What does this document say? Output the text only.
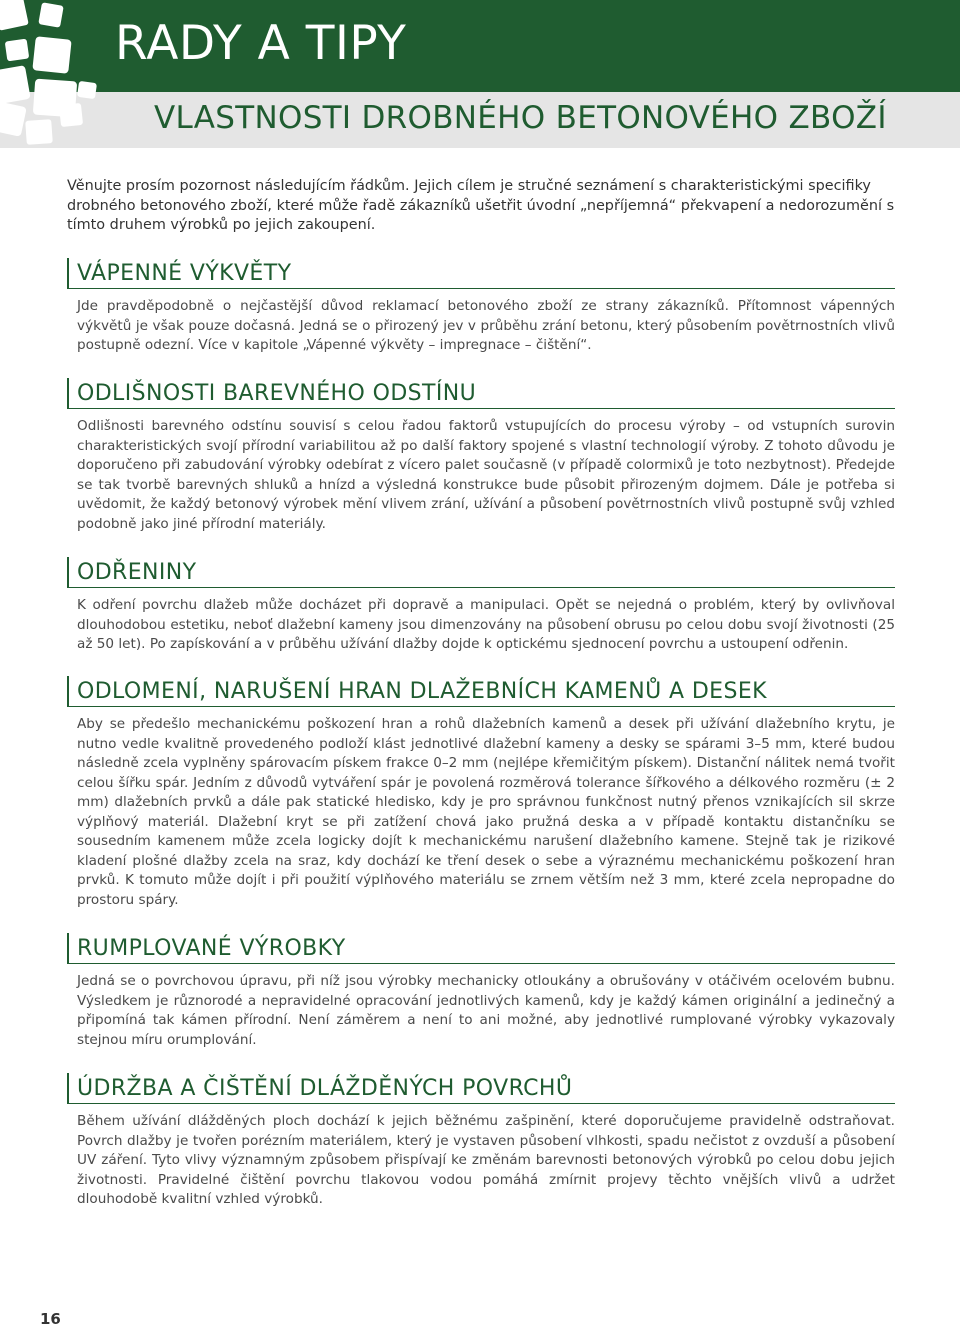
RADY A TIPY
VLASTNOSTI DROBNÉHO BETONOVÉHO ZBOŽÍ

Věnujte prosím pozornost následujícím řádkům. Jejich cílem je stručné seznámení s charakteristickými specifiky drobného betonového zboží, které může řadě zákazníků ušetřit úvodní „nepříjemná“ překvapení a nedorozumění s tímto druhem výrobků po jejich zakoupení.

VÁPENNÉ VÝKVĚTY

Jde pravděpodobně o nejčastější důvod reklamací betonového zboží ze strany zákazníků. Přítomnost vápenných výkvětů je však pouze dočasná. Jedná se o přirozený jev v průběhu zrání betonu, který působením povětrnostních vlivů postupně odezní. Více v kapitole „Vápenné výkvěty – impregnace – čištění“.

ODLIŠNOSTI BAREVNÉHO ODSTÍNU

Odlišnosti barevného odstínu souvisí s celou řadou faktorů vstupujících do procesu výroby – od vstupních surovin charakteristických svojí přírodní variabilitou až po další faktory spojené s vlastní technologií výroby. Z tohoto důvodu je doporučeno při zabudování výrobky odebírat z vícero palet současně (v případě colormixů je toto nezbytnost). Předejde se tak tvorbě barevných shluků a hnízd a výsledná konstrukce bude působit přirozeným dojmem. Dále je potřeba si uvědomit, že každý betonový výrobek mění vlivem zrání, užívání a působení povětrnostních vlivů postupně svůj vzhled podobně jako jiné přírodní materiály.

ODŘENINY

K odření povrchu dlažeb může docházet při dopravě a manipulaci. Opět se nejedná o problém, který by ovlivňoval dlouhodobou estetiku, neboť dlažební kameny jsou dimenzovány na působení obrusu po celou dobu svojí životnosti (25 až 50 let). Po zapískování a v průběhu užívání dlažby dojde k optickému sjednocení povrchu a ustoupení odřenin.

ODLOMENÍ, NARUŠENÍ HRAN DLAŽEBNÍCH KAMENŮ A DESEK

Aby se předešlo mechanickému poškození hran a rohů dlažebních kamenů a desek při užívání dlažebního krytu, je nutno vedle kvalitně provedeného podloží klást jednotlivé dlažební kameny a desky se spárami 3–5 mm, které budou následně zcela vyplněny spárovacím pískem frakce 0–2 mm (nejlépe křemičitým pískem). Distanční nálitek nemá tvořit celou šířku spár. Jedním z důvodů vytváření spár je povolená rozměrová tolerance šířkového a délkového rozměru (± 2 mm) dlažebních prvků a dále pak statické hledisko, kdy je pro správnou funkčnost nutný přenos vznikajících sil skrze výplňový materiál. Dlažební kryt se při zatížení chová jako pružná deska a v případě kontaktu distančníku se sousedním kamenem může zcela logicky dojít k mechanickému narušení dlažebního kamene. Stejně tak je rizikové kladení plošné dlažby zcela na sraz, kdy dochází ke tření desek o sebe a výraznému mechanickému poškození hran prvků. K tomuto může dojít i při použití výplňového materiálu se zrnem větším než 3 mm, které zcela nepropadne do prostoru spáry.

RUMPLOVANÉ VÝROBKY

Jedná se o povrchovou úpravu, při níž jsou výrobky mechanicky otloukány a obrušovány v otáčivém ocelovém bubnu. Výsledkem je různorodé a nepravidelné opracování jednotlivých kamenů, kdy je každý kámen originální a jedinečný a připomíná tak kámen přírodní. Není záměrem a není to ani možné, aby jednotlivé rumplované výrobky vykazovaly stejnou míru orumplování.

ÚDRŽBA A ČIŠTĚNÍ DLÁŽDĚNÝCH POVRCHŮ

Během užívání dlážděných ploch dochází k jejich běžnému zašpinění, které doporučujeme pravidelně odstraňovat. Povrch dlažby je tvořen porézním materiálem, který je vystaven působení vlhkosti, spadu nečistot z ovzduší a působení UV záření. Tyto vlivy významným způsobem přispívají ke změnám barevnosti betonových výrobků po celou dobu jejich životnosti. Pravidelné čištění povrchu tlakovou vodou pomáhá zmírnit projevy těchto vnějších vlivů a udržet dlouhodobě kvalitní vzhled výrobků.

16
